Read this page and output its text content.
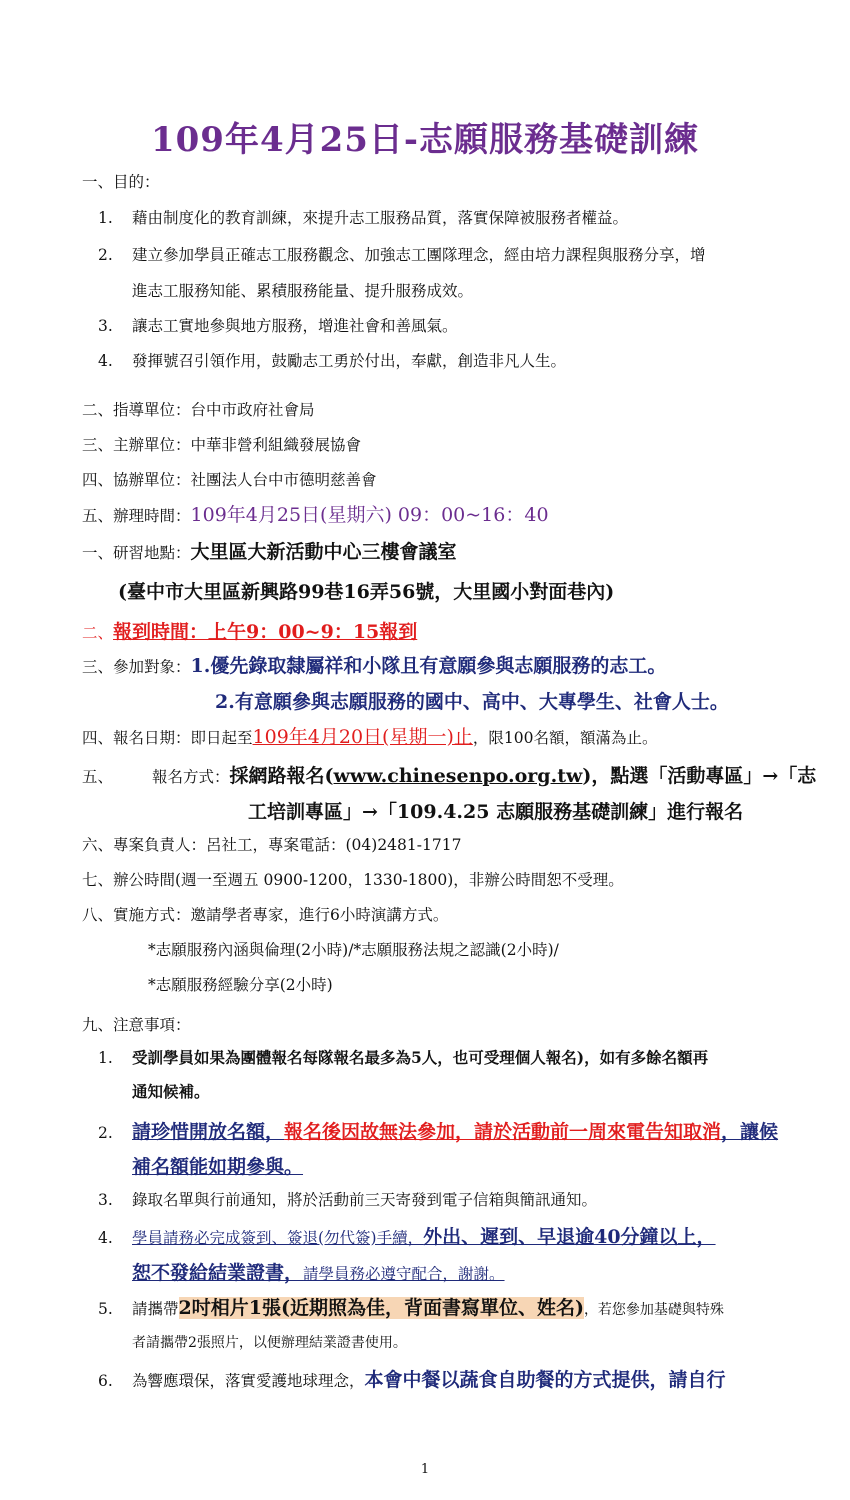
109年4月25日-志願服務基礎訓練
一、目的：
1. 藉由制度化的教育訓練，來提升志工服務品質，落實保障被服務者權益。
2. 建立參加學員正確志工服務觀念、加強志工團隊理念，經由培力課程與服務分享，增
進志工服務知能、累積服務能量、提升服務成效。
3. 讓志工實地參與地方服務，增進社會和善風氣。
4. 發揮號召引領作用，鼓勵志工勇於付出，奉獻，創造非凡人生。
二、指導單位：台中市政府社會局
三、主辦單位：中華非營利組織發展協會
四、協辦單位：社團法人台中市德明慈善會
五、辦理時間：109年4月25日(星期六) 09：00~16：40
一、研習地點：大里區大新活動中心三樓會議室
(臺中市大里區新興路99巷16弄56號，大里國小對面巷內)
二、報到時間：上午9：00~9：15報到
三、參加對象：1.優先錄取隸屬祥和小隊且有意願參與志願服務的志工。
2.有意願參與志願服務的國中、高中、大專學生、社會人士。
四、報名日期：即日起至109年4月20日(星期一)止，限100名額，額滿為止。
五、	報名方式：採網路報名(www.chinesenpo.org.tw)，點選「活動專區」→「志
工培訓專區」→「109.4.25 志願服務基礎訓練」進行報名
六、專案負責人：呂社工，專案電話：(04)2481-1717
七、辦公時間(週一至週五 0900-1200，1330-1800)，非辦公時間恕不受理。
八、實施方式：邀請學者專家，進行6小時演講方式。
*志願服務內涵與倫理(2小時)/*志願服務法規之認識(2小時)/
*志願服務經驗分享(2小時)
九、注意事項：
1. 受訓學員如果為團體報名每隊報名最多為5人，也可受理個人報名)，如有多餘名額再
通知候補。
2. 請珍惜開放名額，報名後因故無法參加，請於活動前一周來電告知取消，讓候
補名額能如期參與。
3. 錄取名單與行前通知，將於活動前三天寄發到電子信箱與簡訊通知。
4. 學員請務必完成簽到、簽退(勿代簽)手續，外出、遲到、早退逾40分鐘以上，
恕不發給結業證書，請學員務必遵守配合，謝謝。
5. 請攜帶2吋相片1張(近期照為佳，背面書寫單位、姓名)，若您參加基礎與特殊
者請攜帶2張照片，以便辦理結業證書使用。
6. 為響應環保，落實愛護地球理念，本會中餐以蔬食自助餐的方式提供，請自行
1
